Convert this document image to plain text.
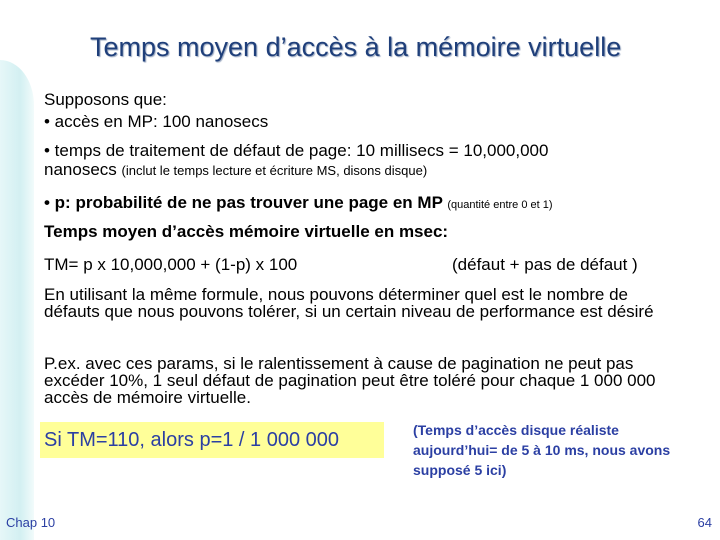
Temps moyen d’accès à la mémoire virtuelle
Supposons que:
• accès en MP: 100 nanosecs
• temps de traitement de défaut de page: 10 millisecs = 10,000,000
nanosecs (inclut le temps lecture et écriture MS, disons disque)
• p: probabilité de ne pas trouver une page en MP (quantité entre 0 et 1)
Temps moyen d’accès mémoire virtuelle en msec:
TM= p x 10,000,000 + (1-p) x 100	(défaut + pas de défaut )
En utilisant la même formule, nous pouvons déterminer quel est le nombre de défauts que nous pouvons tolérer, si un certain niveau de performance est désiré
P.ex. avec ces params, si le ralentissement à cause de pagination ne peut pas excéder 10%, 1 seul défaut de pagination peut être toléré pour chaque 1 000 000 accès de mémoire virtuelle.
Si TM=110, alors p=1 / 1 000 000	(Temps d’accès disque réaliste aujourd’hui= de 5 à 10 ms, nous avons supposé 5 ici)
Chap 10	64
